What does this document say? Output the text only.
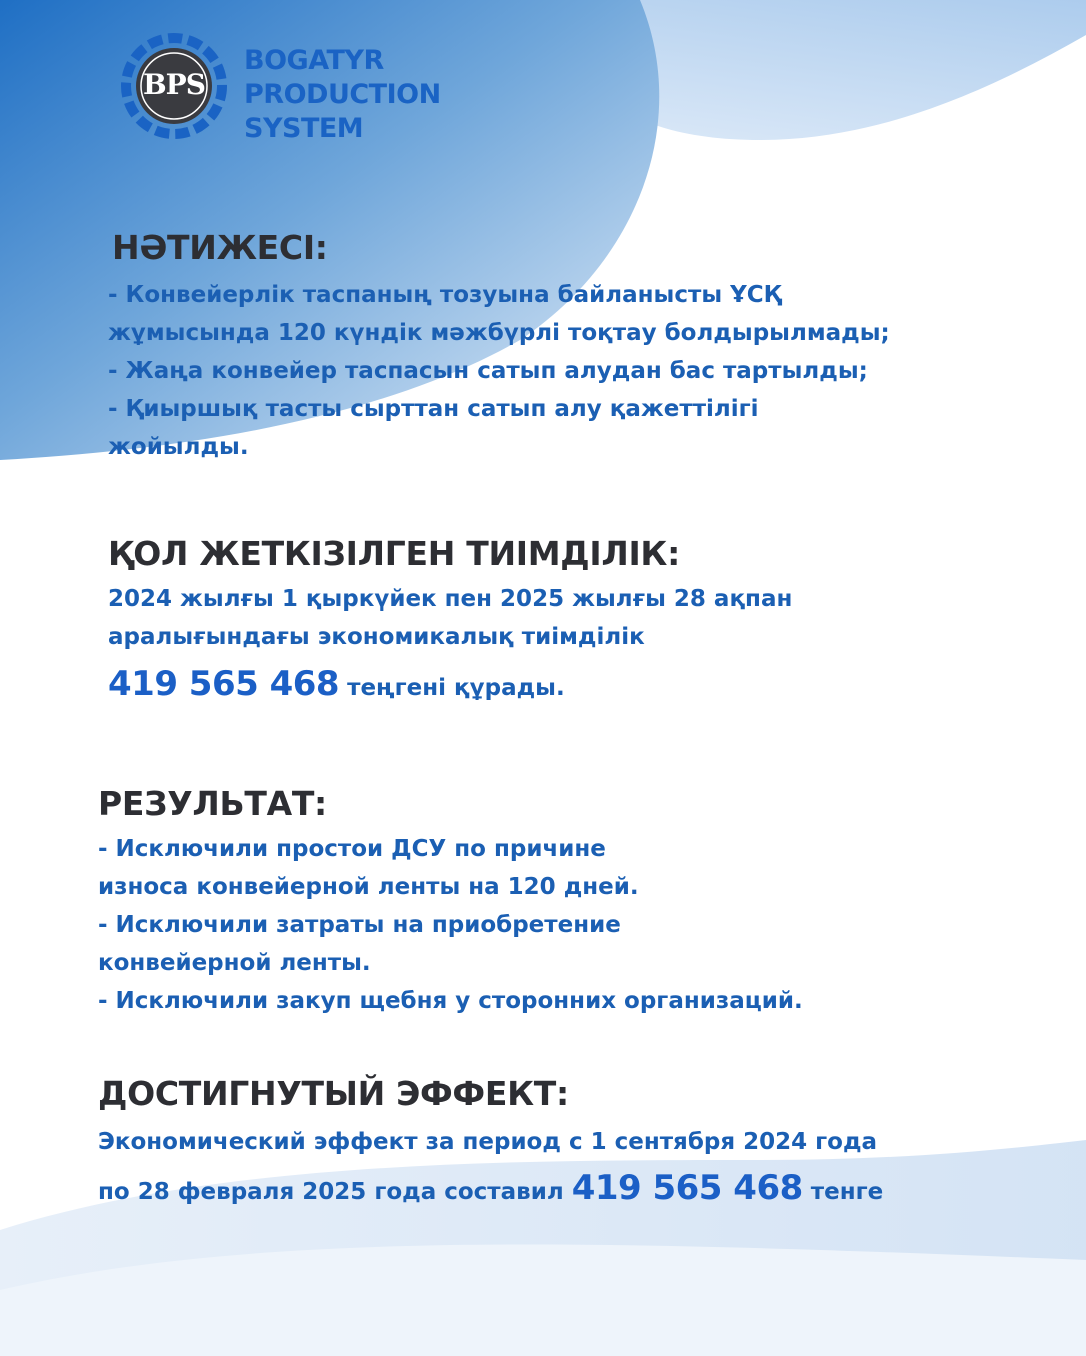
BPS
BOGATYR
PRODUCTION
SYSTEM
НӘТИЖЕСІ:
- Конвейерлік таспаның тозуына байланысты ҰСҚ
жұмысында 120 күндік мәжбүрлі тоқтау болдырылмады;
- Жаңа конвейер таспасын сатып алудан бас тартылды;
- Қиыршық тасты сырттан сатып алу қажеттілігі
жойылды.
ҚОЛ ЖЕТКІЗІЛГЕН ТИІМДІЛІК:
2024 жылғы 1 қыркүйек пен 2025 жылғы 28 ақпан
аралығындағы экономикалық тиімділік
419 565 468 теңгені құрады.
РЕЗУЛЬТАТ:
- Исключили простои ДСУ по причине
износа конвейерной ленты на 120 дней.
- Исключили затраты на приобретение
конвейерной ленты.
- Исключили закуп щебня у сторонних организаций.
ДОСТИГНУТЫЙ ЭФФЕКТ:
Экономический эффект за период с 1 сентября 2024 года
по 28 февраля 2025 года составил 419 565 468 тенге
